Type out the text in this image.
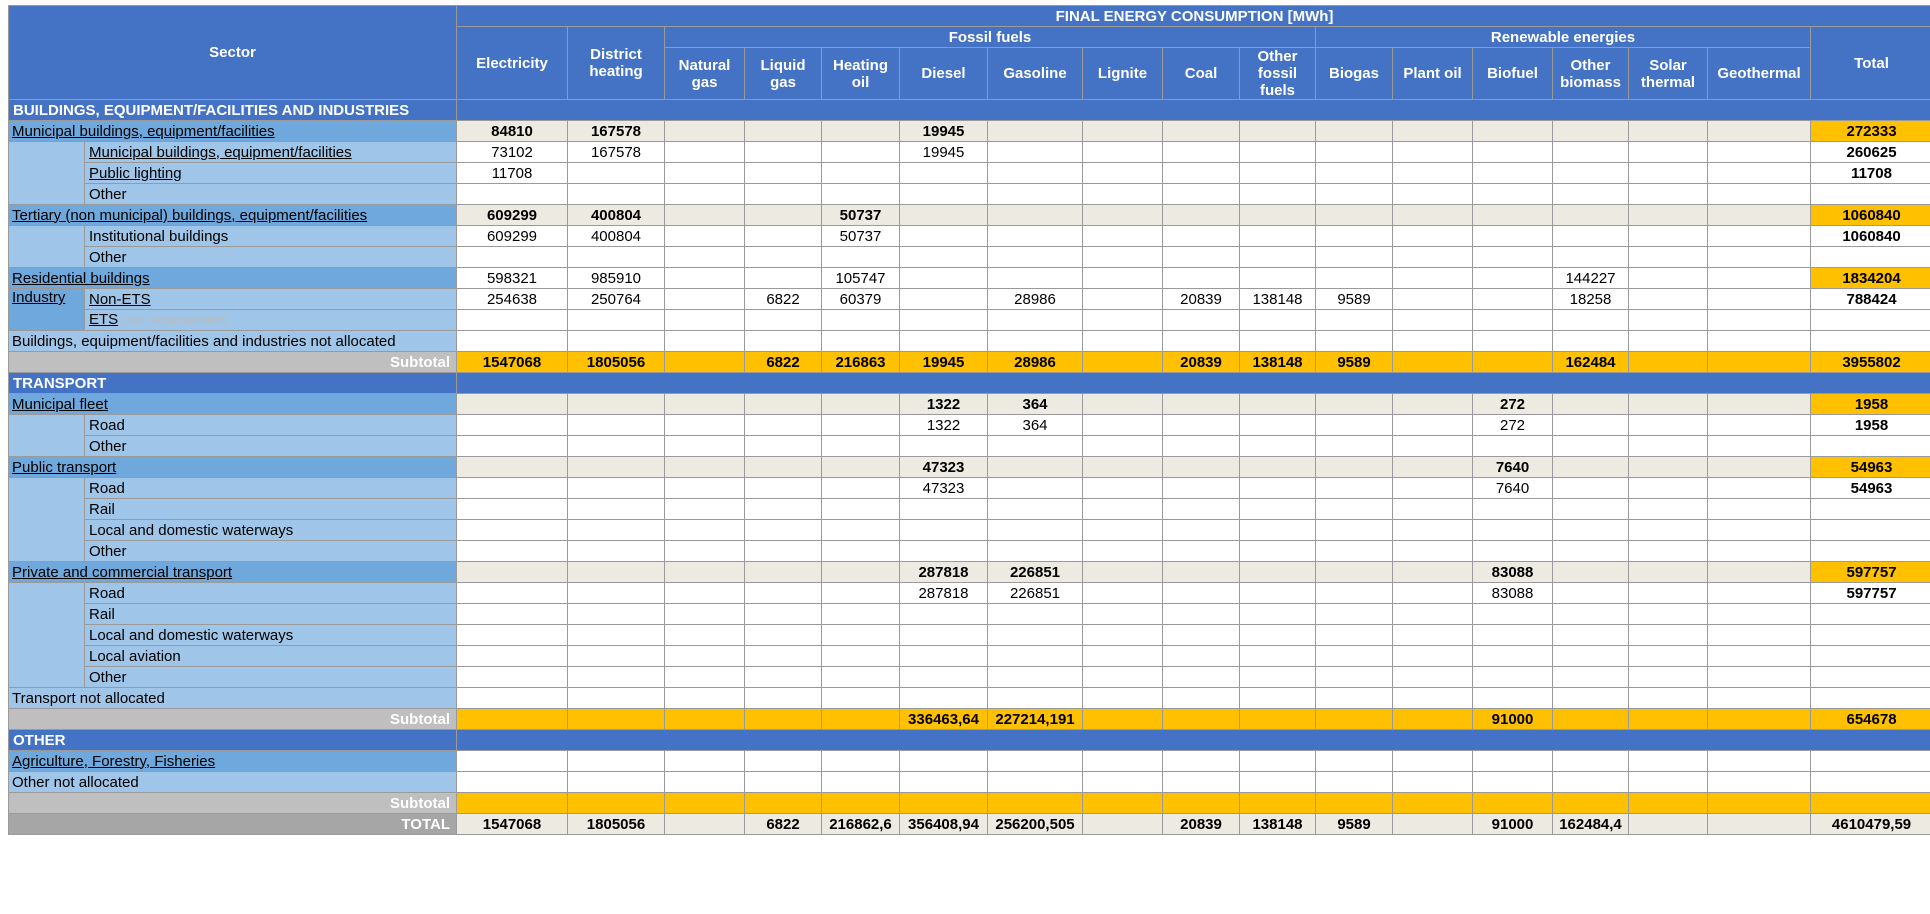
Sector		FINAL ENERGY CONSUMPTION [MWh]																
		Electricity	District heating	Fossil fuels								Renewable energies						Total
				Natural gas	Liquid gas	Heating oil	Diesel	Gasoline	Lignite	Coal	Other fossil fuels	Biogas	Plant oil	Biofuel	Other biomass	Solar thermal	Geothermal	

BUILDINGS, EQUIPMENT/FACILITIES AND INDUSTRIES																		
Municipal buildings, equipment/facilities		84810	167578				19945											272333
	Municipal buildings, equipment/facilities	73102	167578				19945											260625
	Public lighting	11708																11708
	Other																	
Tertiary (non municipal) buildings, equipment/facilities		609299	400804			50737												1060840
	Institutional buildings	609299	400804			50737												1060840
	Other																	
Residential buildings		598321	985910			105747									144227			1834204
Industry	Non-ETS	254638	250764		6822	60379		28986		20839	138148	9589			18258			788424
	ETS (not recommended)																	
Buildings, equipment/facilities and industries not allocated																		
Subtotal		1547068	1805056		6822	216863	19945	28986		20839	138148	9589			162484			3955802
TRANSPORT																		
Municipal fleet							1322	364						272				1958
	Road						1322	364						272				1958
	Other																	
Public transport							47323							7640				54963
	Road						47323							7640				54963
	Rail																	
	Local and domestic waterways																	
	Other																	
Private and commercial transport							287818	226851						83088				597757
	Road						287818	226851						83088				597757
	Rail																	
	Local and domestic waterways																	
	Local aviation																	
	Other																	
Transport not allocated																		
Subtotal							336463,64	227214,191						91000				654678
OTHER																		
Agriculture, Forestry, Fisheries																		
Other not allocated																		
Subtotal																		
TOTAL		1547068	1805056		6822	216862,6	356408,94	256200,505		20839	138148	9589		91000	162484,4			4610479,59
